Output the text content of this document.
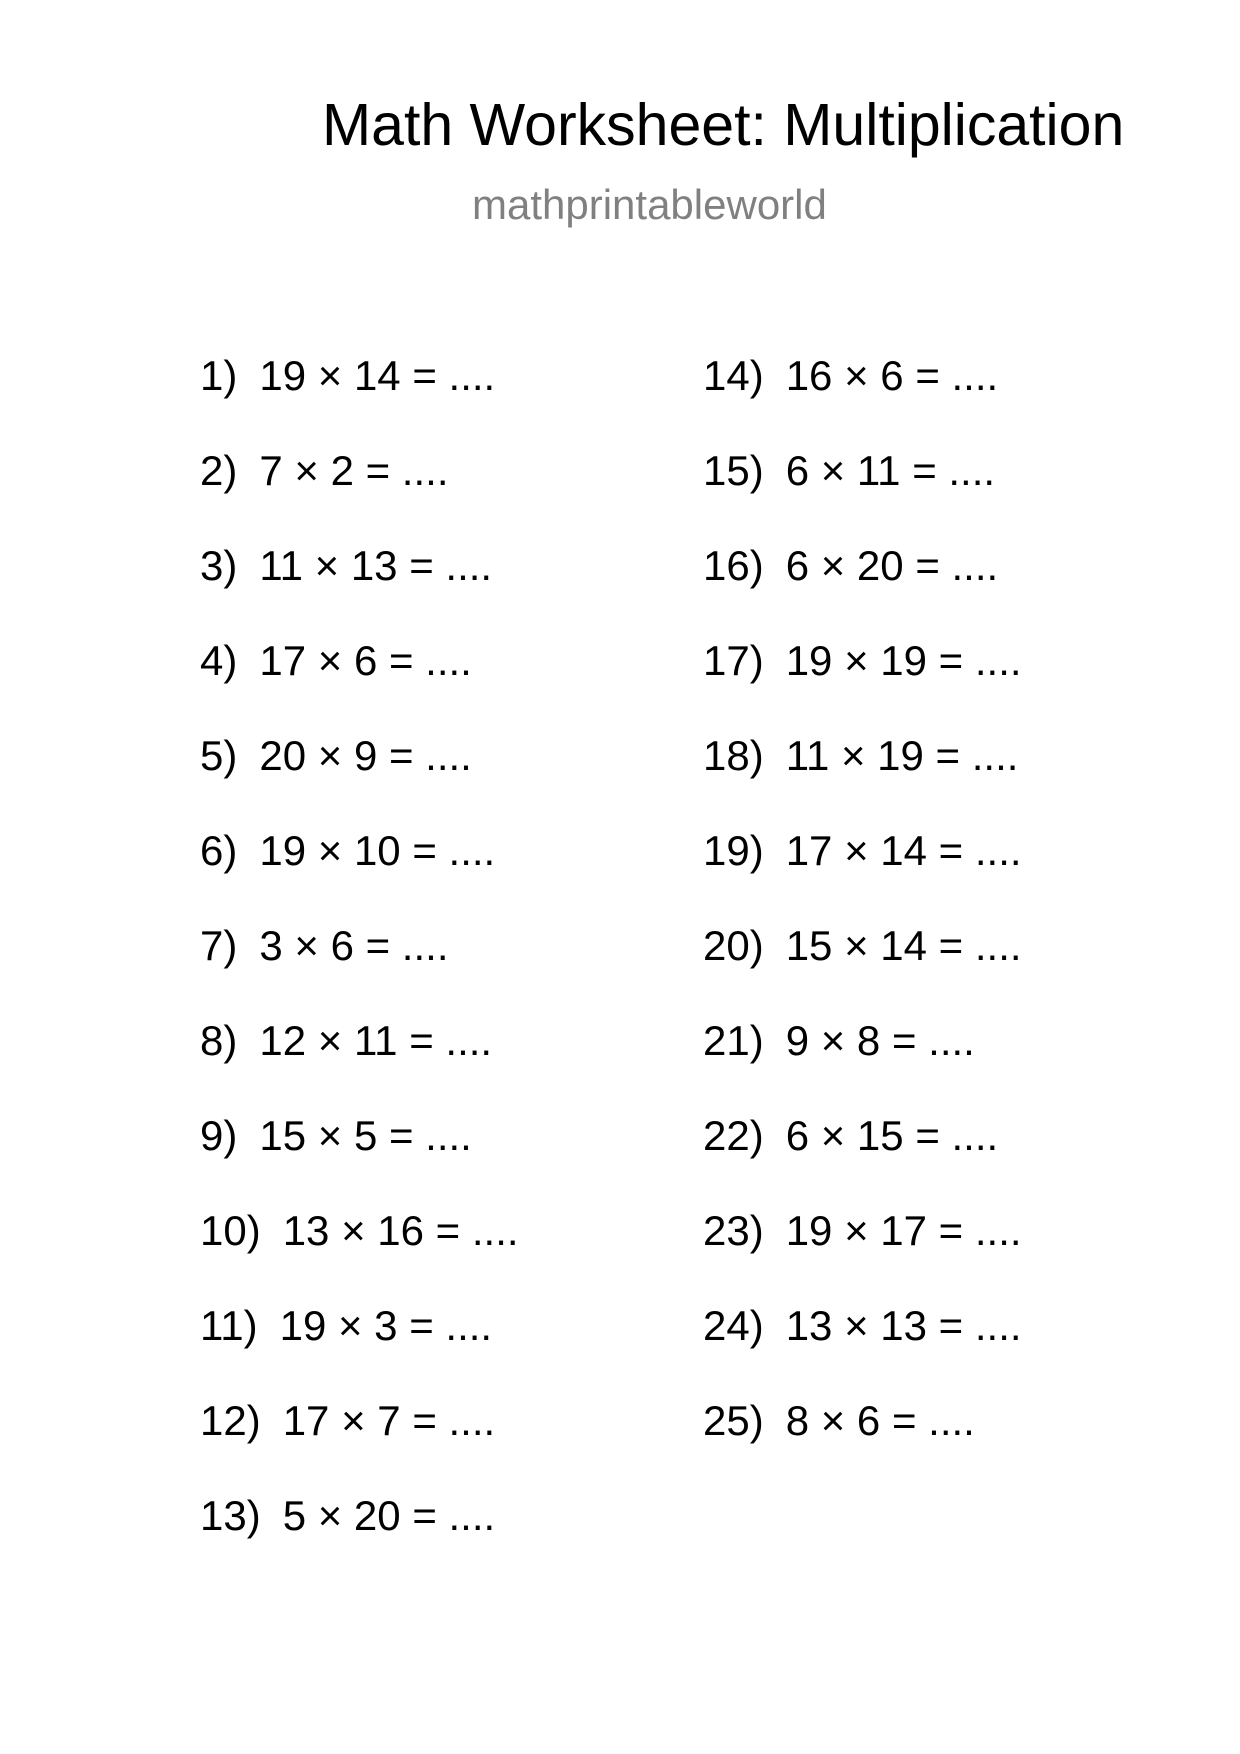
Math Worksheet: Multiplication
mathprintableworld
1) 19 × 14 = ....
2) 7 × 2 = ....
3) 11 × 13 = ....
4) 17 × 6 = ....
5) 20 × 9 = ....
6) 19 × 10 = ....
7) 3 × 6 = ....
8) 12 × 11 = ....
9) 15 × 5 = ....
10) 13 × 16 = ....
11) 19 × 3 = ....
12) 17 × 7 = ....
13) 5 × 20 = ....
14) 16 × 6 = ....
15) 6 × 11 = ....
16) 6 × 20 = ....
17) 19 × 19 = ....
18) 11 × 19 = ....
19) 17 × 14 = ....
20) 15 × 14 = ....
21) 9 × 8 = ....
22) 6 × 15 = ....
23) 19 × 17 = ....
24) 13 × 13 = ....
25) 8 × 6 = ....
